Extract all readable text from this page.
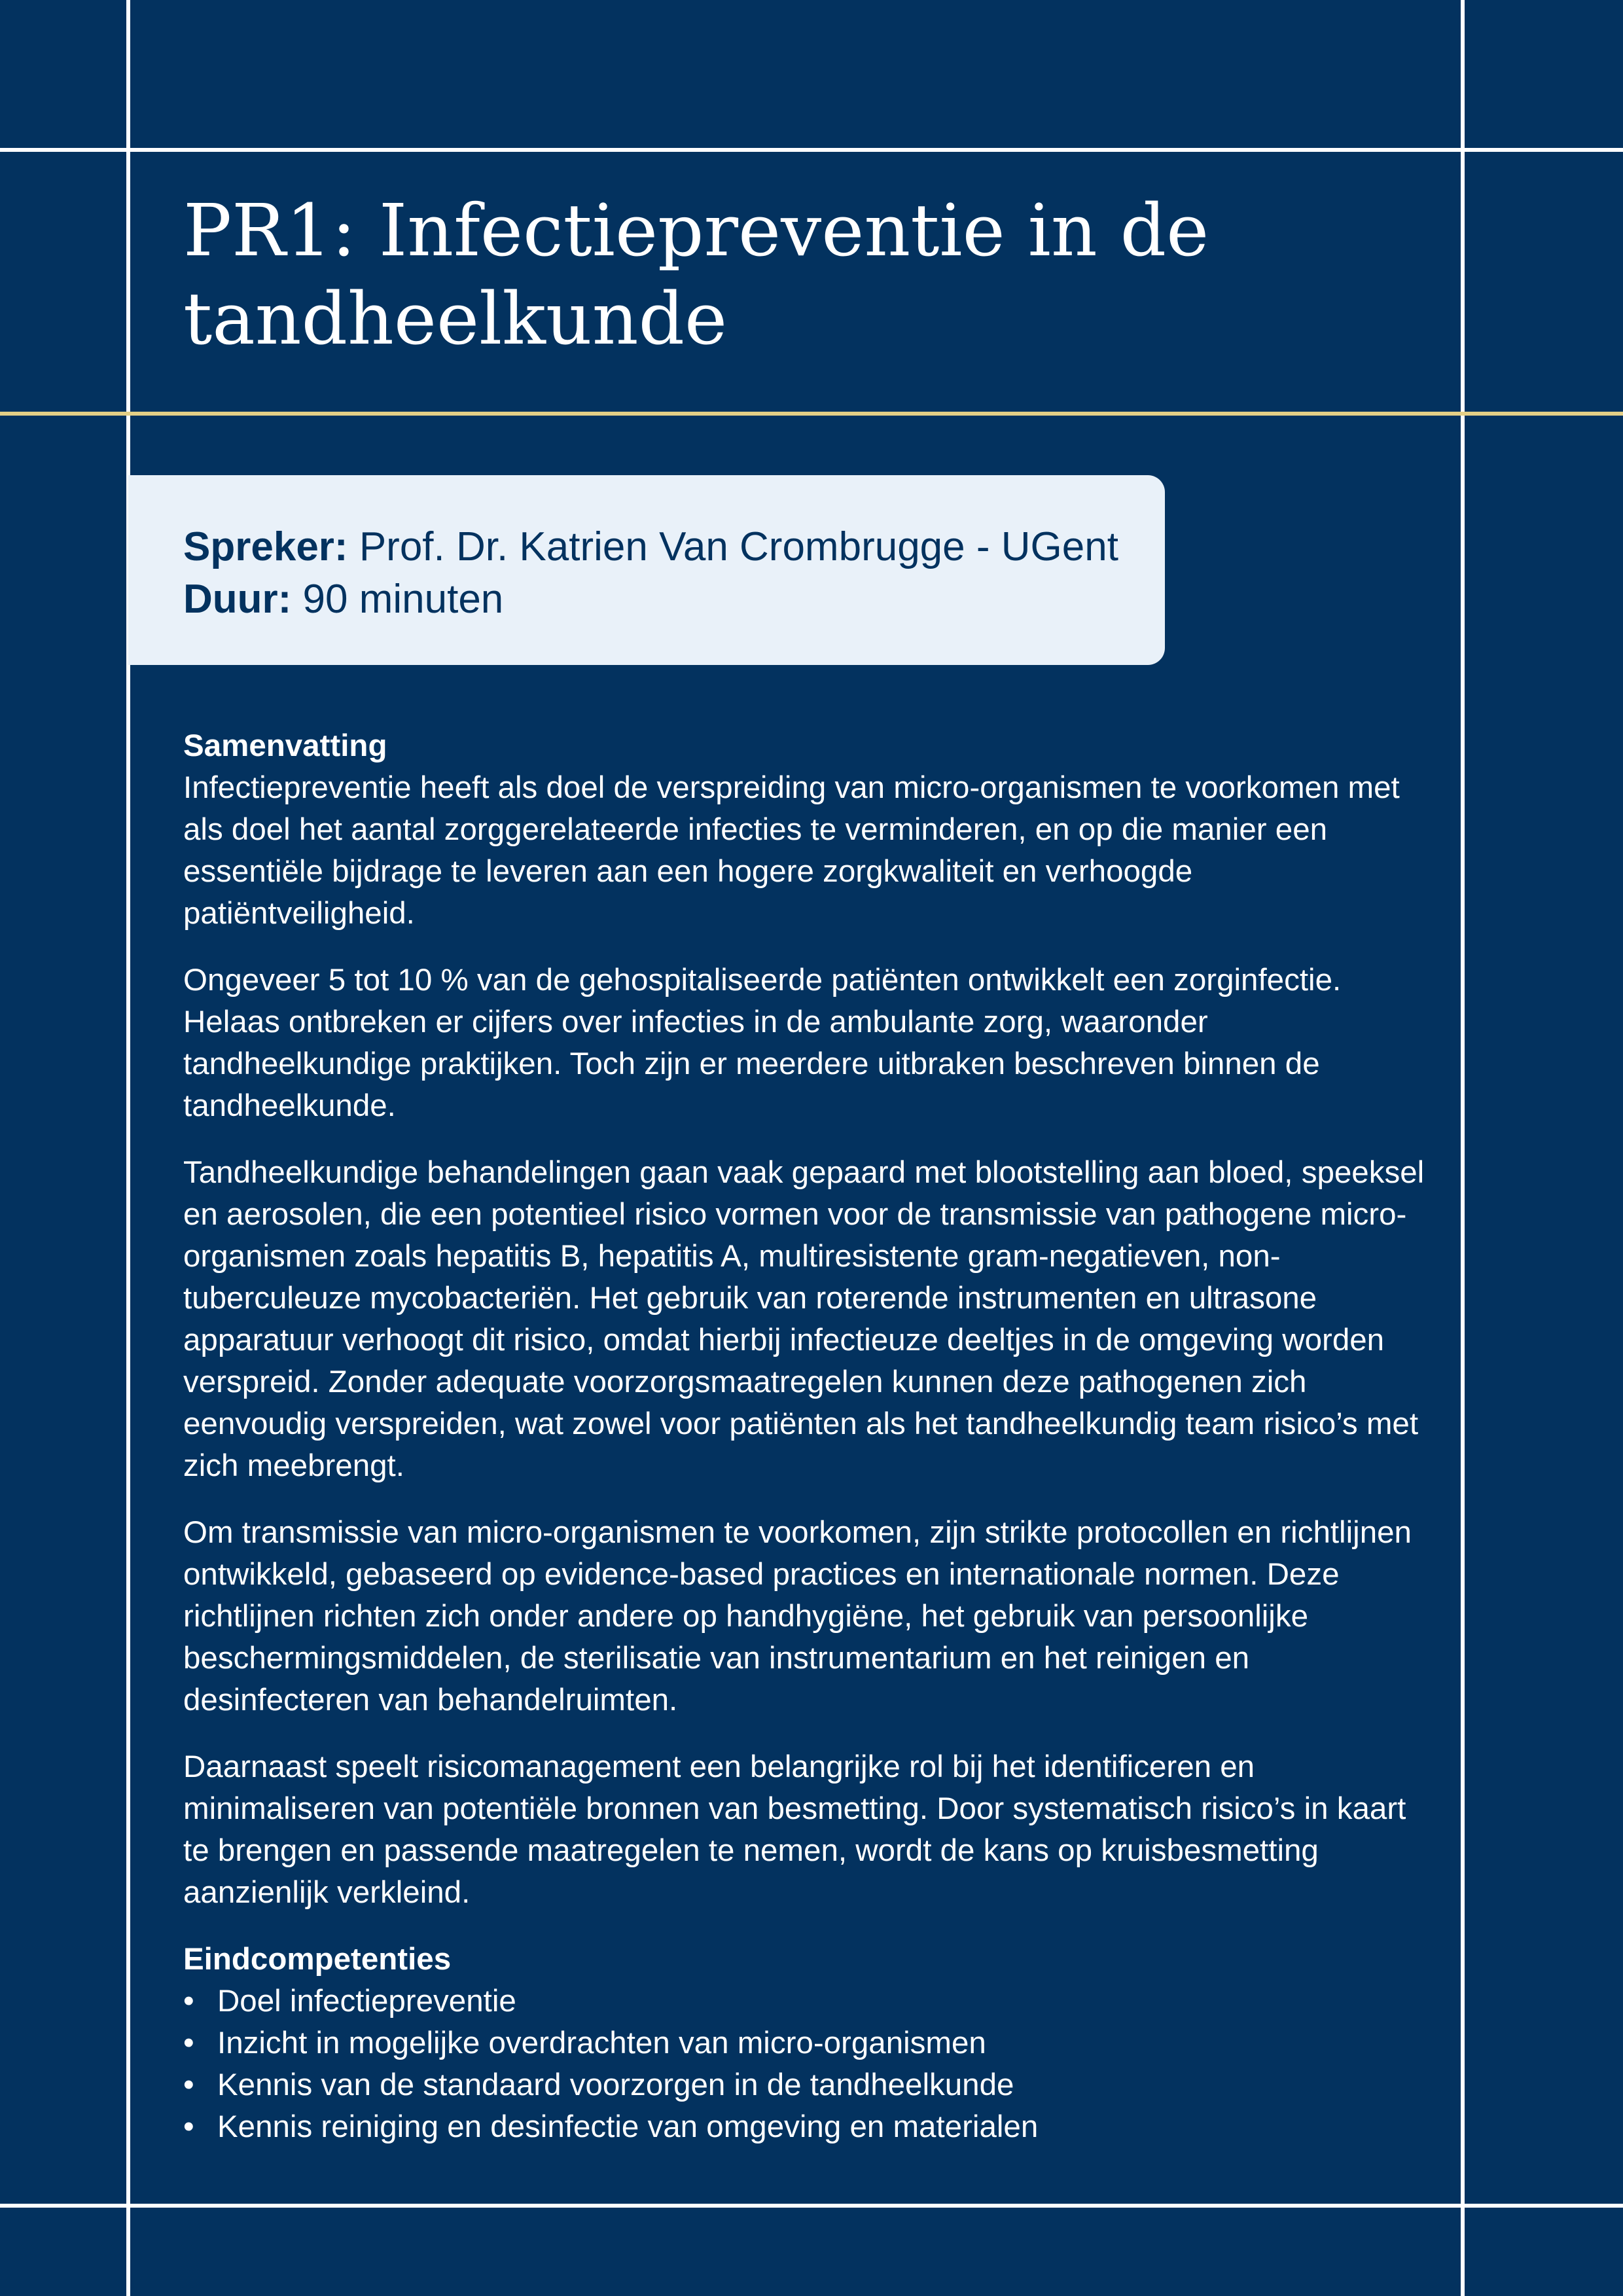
PR1: Infectiepreventie in de tandheelkunde
Spreker: Prof. Dr. Katrien Van Crombrugge - UGent
Duur: 90 minuten

Samenvatting

Infectiepreventie heeft als doel de verspreiding van micro-organismen te voorkomen met als doel het aantal zorggerelateerde infecties te verminderen, en op die manier een essentiële bijdrage te leveren aan een hogere zorgkwaliteit en verhoogde patiëntveiligheid.

Ongeveer 5 tot 10 % van de gehospitaliseerde patiënten ontwikkelt een zorginfectie. Helaas ontbreken er cijfers over infecties in de ambulante zorg, waaronder tandheelkundige praktijken. Toch zijn er meerdere uitbraken beschreven binnen de tandheelkunde.

Tandheelkundige behandelingen gaan vaak gepaard met blootstelling aan bloed, speeksel en aerosolen, die een potentieel risico vormen voor de transmissie van pathogene micro-organismen zoals hepatitis B, hepatitis A, multiresistente gram-negatieven, non-tuberculeuze mycobacteriën. Het gebruik van roterende instrumenten en ultrasone apparatuur verhoogt dit risico, omdat hierbij infectieuze deeltjes in de omgeving worden verspreid. Zonder adequate voorzorgsmaatregelen kunnen deze pathogenen zich eenvoudig verspreiden, wat zowel voor patiënten als het tandheelkundig team risico’s met zich meebrengt.

Om transmissie van micro-organismen te voorkomen, zijn strikte protocollen en richtlijnen ontwikkeld, gebaseerd op evidence-based practices en internationale normen. Deze richtlijnen richten zich onder andere op handhygiëne, het gebruik van persoonlijke beschermingsmiddelen, de sterilisatie van instrumentarium en het reinigen en desinfecteren van behandelruimten.

Daarnaast speelt risicomanagement een belangrijke rol bij het identificeren en minimaliseren van potentiële bronnen van besmetting. Door systematisch risico’s in kaart te brengen en passende maatregelen te nemen, wordt de kans op kruisbesmetting aanzienlijk verkleind.

Eindcompetenties

• Doel infectiepreventie
• Inzicht in mogelijke overdrachten van micro-organismen
• Kennis van de standaard voorzorgen in de tandheelkunde
• Kennis reiniging en desinfectie van omgeving en materialen
